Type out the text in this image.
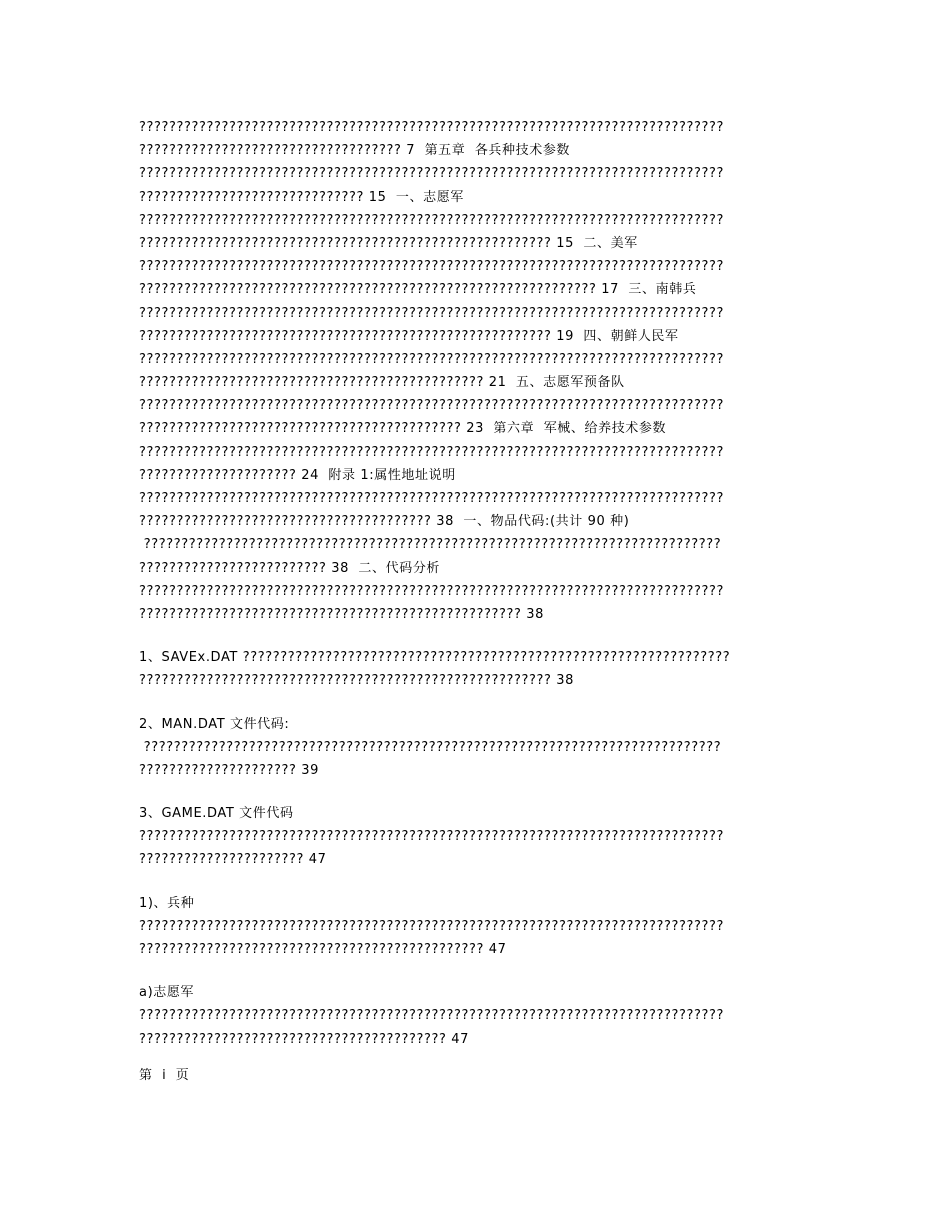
??????????????????????????????????????????????????????????????????????????????
??????????????????????????????????? 7  第五章  各兵种技术参数
??????????????????????????????????????????????????????????????????????????????
?????????????????????????????? 15  一、志愿军
??????????????????????????????????????????????????????????????????????????????
??????????????????????????????????????????????????????? 15  二、美军
??????????????????????????????????????????????????????????????????????????????
????????????????????????????????????????????????????????????? 17  三、南韩兵
??????????????????????????????????????????????????????????????????????????????
??????????????????????????????????????????????????????? 19  四、朝鲜人民军
??????????????????????????????????????????????????????????????????????????????
?????????????????????????????????????????????? 21  五、志愿军预备队
??????????????????????????????????????????????????????????????????????????????
??????????????????????????????????????????? 23  第六章  军械、给养技术参数
??????????????????????????????????????????????????????????????????????????????
????????????????????? 24  附录 1:属性地址说明
??????????????????????????????????????????????????????????????????????????????
??????????????????????????????????????? 38  一、物品代码:(共计 90 种)
?????????????????????????????????????????????????????????????????????????????
????????????????????????? 38  二、代码分析
??????????????????????????????????????????????????????????????????????????????
??????????????????????????????????????????????????? 38
1、SAVEx.DAT ?????????????????????????????????????????????????????????????????
??????????????????????????????????????????????????????? 38
2、MAN.DAT 文件代码:
?????????????????????????????????????????????????????????????????????????????
????????????????????? 39
3、GAME.DAT 文件代码
??????????????????????????????????????????????????????????????????????????????
?????????????????????? 47
1)、兵种
??????????????????????????????????????????????????????????????????????????????
?????????????????????????????????????????????? 47
a)志愿军
??????????????????????????????????????????????????????????????????????????????
????????????????????????????????????????? 47
第  i  页
